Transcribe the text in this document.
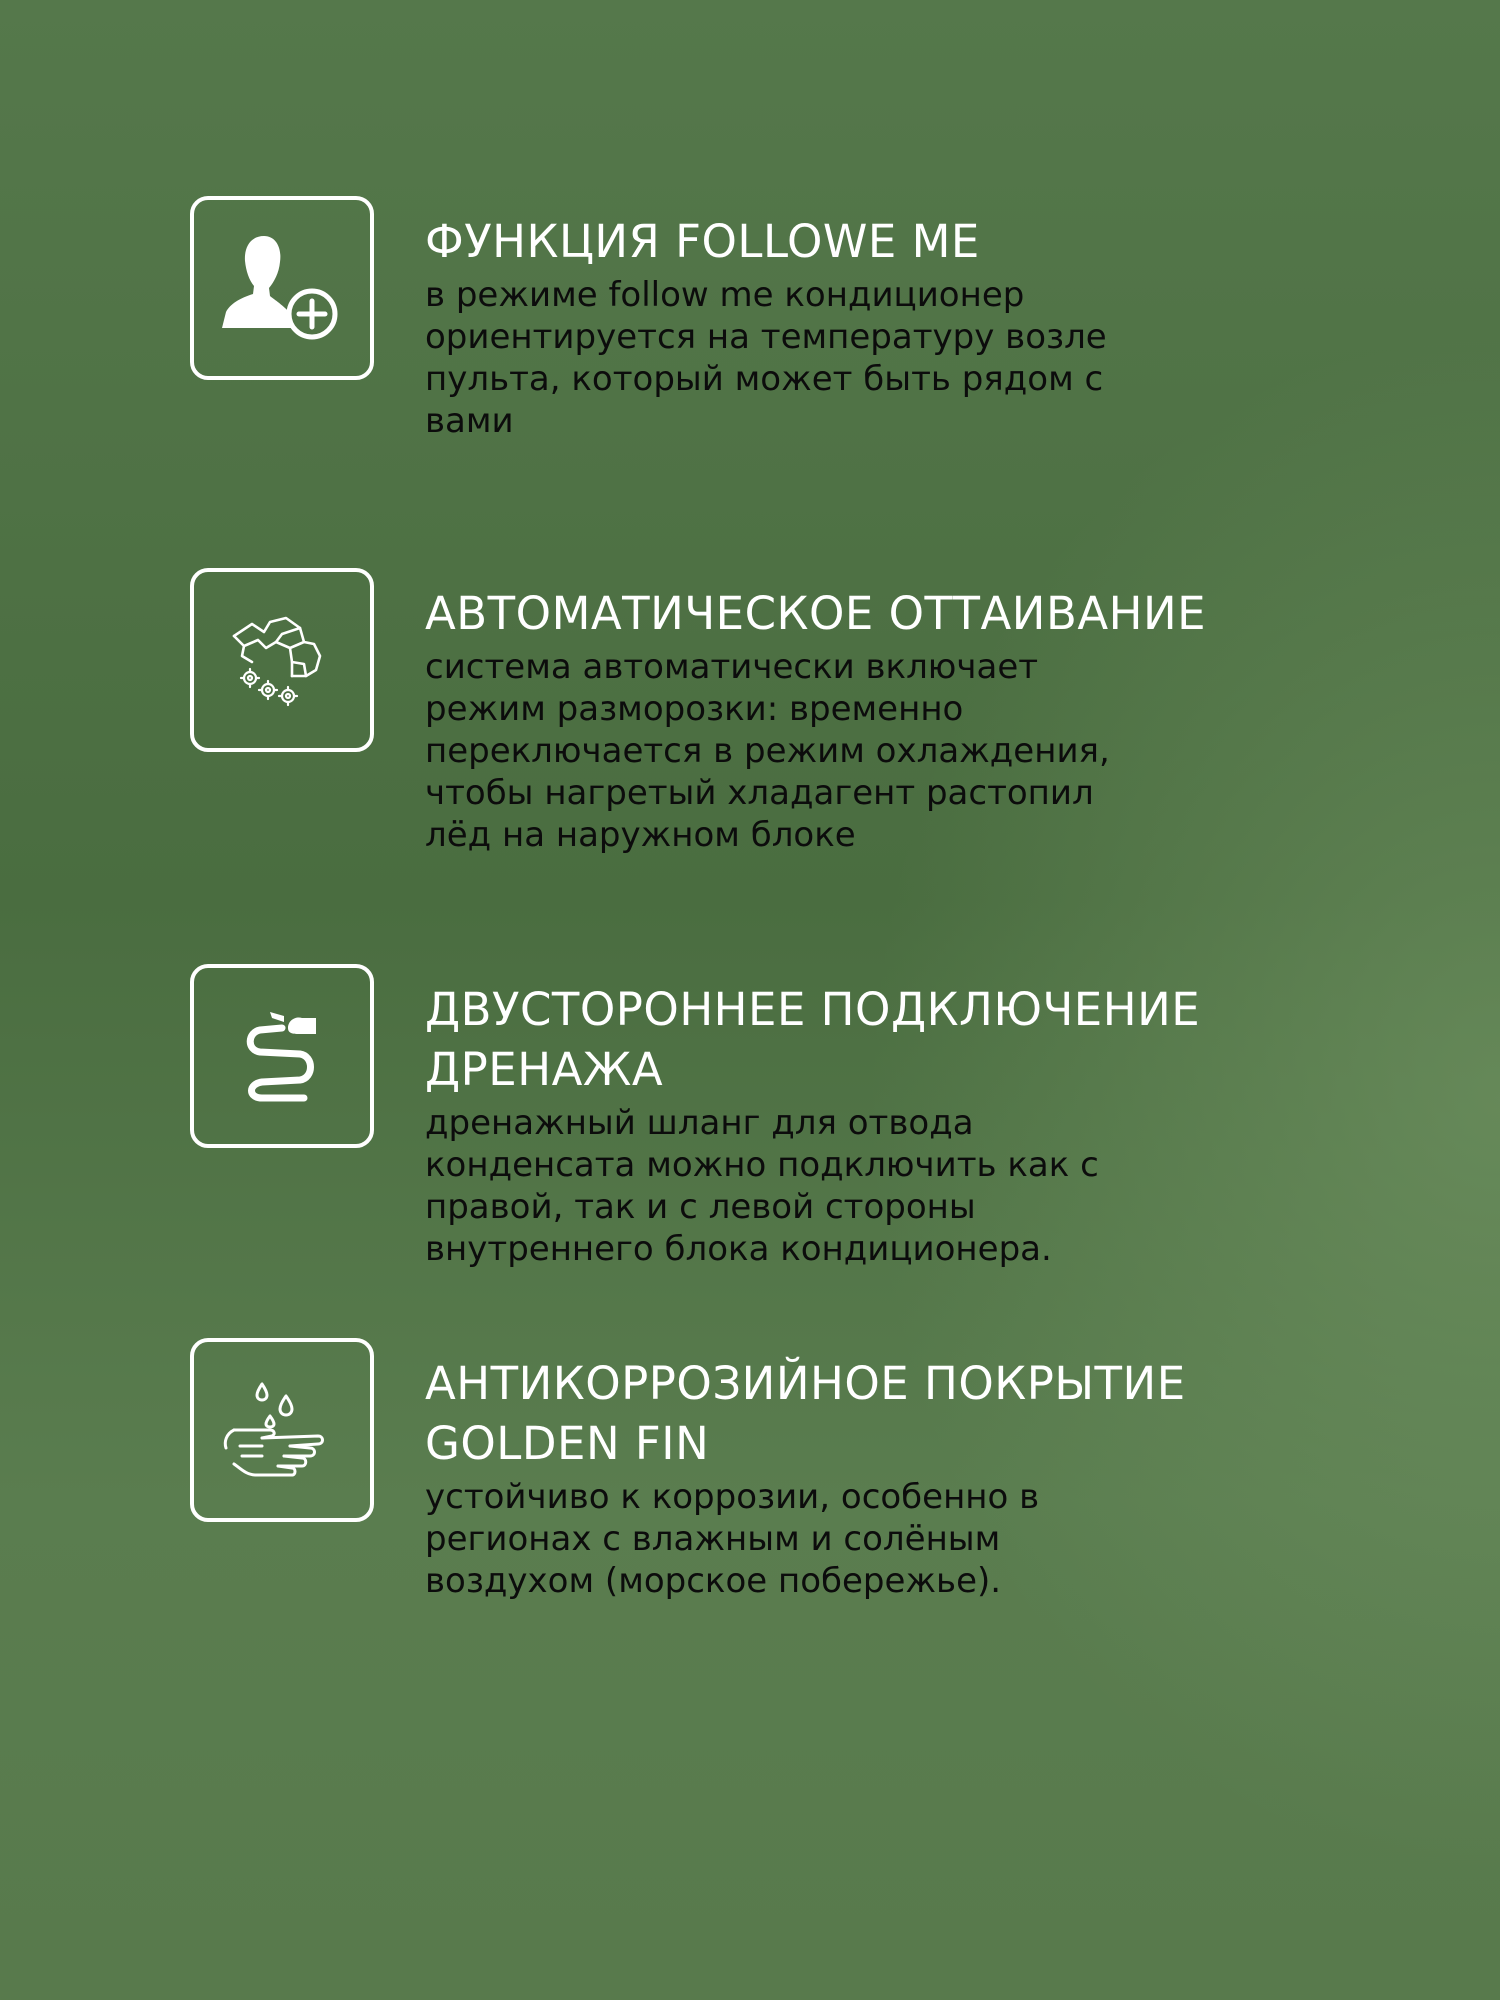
ФУНКЦИЯ FOLLOWE ME

в режиме follow me кондиционер
ориентируется на температуру возле
пульта, который может быть рядом с
вами

АВТОМАТИЧЕСКОЕ ОТТАИВАНИЕ

система автоматически включает
режим разморозки: временно
переключается в режим охлаждения,
чтобы нагретый хладагент растопил
лёд на наружном блоке

ДВУСТОРОННЕЕ ПОДКЛЮЧЕНИЕ
ДРЕНАЖА

дренажный шланг для отвода
конденсата можно подключить как с
правой, так и с левой стороны
внутреннего блока кондиционера.

АНТИКОРРОЗИЙНОЕ ПОКРЫТИЕ
GOLDEN FIN

устойчиво к коррозии, особенно в
регионах с влажным и солёным
воздухом (морское побережье).
